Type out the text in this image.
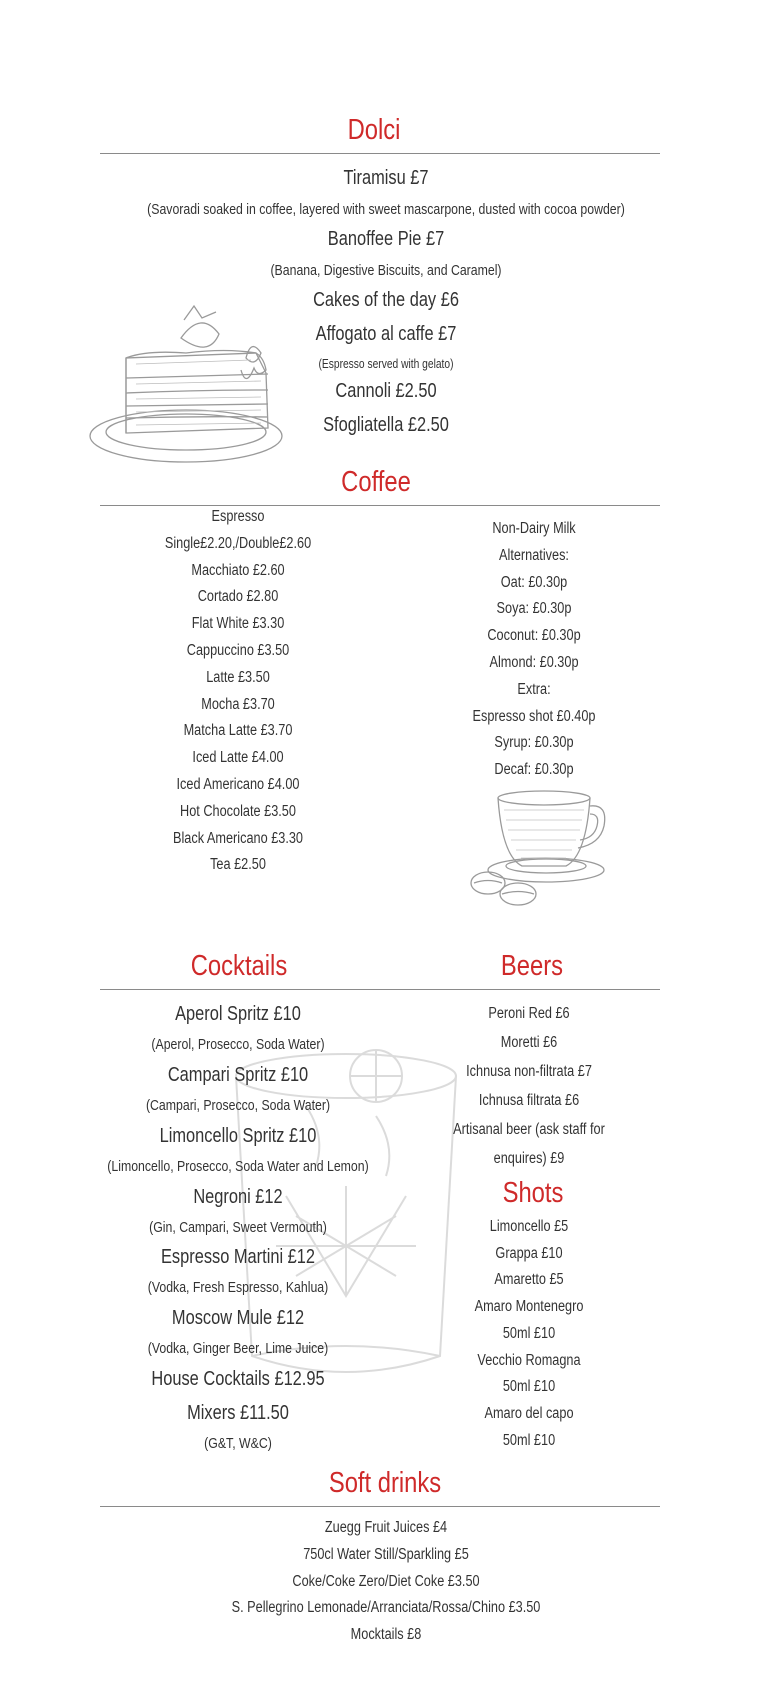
Dolci
Tiramisu £7
(Savoradi soaked in coffee, layered with sweet mascarpone, dusted with cocoa powder)
Banoffee Pie £7
(Banana, Digestive Biscuits, and Caramel)
Cakes of the day £6
Affogato al caffe £7
(Espresso served with gelato)
Cannoli £2.50
Sfogliatella £2.50
Coffee
Espresso
Single£2.20,/Double£2.60
Macchiato £2.60
Cortado £2.80
Flat White £3.30
Cappuccino £3.50
Latte £3.50
Mocha £3.70
Matcha Latte £3.70
Iced Latte £4.00
Iced Americano £4.00
Hot Chocolate £3.50
Black Americano £3.30
Tea £2.50
Non-Dairy Milk
Alternatives:
Oat: £0.30p
Soya: £0.30p
Coconut: £0.30p
Almond: £0.30p
Extra:
Espresso shot £0.40p
Syrup: £0.30p
Decaf: £0.30p
Cocktails	Beers
Aperol Spritz £10
(Aperol, Prosecco, Soda Water)
Campari Spritz £10
(Campari, Prosecco, Soda Water)
Limoncello Spritz £10
(Limoncello, Prosecco, Soda Water and Lemon)
Negroni £12
(Gin, Campari, Sweet Vermouth)
Espresso Martini £12
(Vodka, Fresh Espresso, Kahlua)
Moscow Mule £12
(Vodka, Ginger Beer, Lime Juice)
House Cocktails £12.95
Mixers £11.50
(G&T, W&C)
Peroni Red £6
Moretti £6
Ichnusa non-filtrata £7
Ichnusa filtrata £6
Artisanal beer (ask staff for
enquires) £9
Shots
Limoncello £5
Grappa £10
Amaretto £5
Amaro Montenegro
50ml £10
Vecchio Romagna
50ml £10
Amaro del capo
50ml £10
Soft drinks
Zuegg Fruit Juices £4
750cl Water Still/Sparkling £5
Coke/Coke Zero/Diet Coke £3.50
S. Pellegrino Lemonade/Arranciata/Rossa/Chino £3.50
Mocktails £8
